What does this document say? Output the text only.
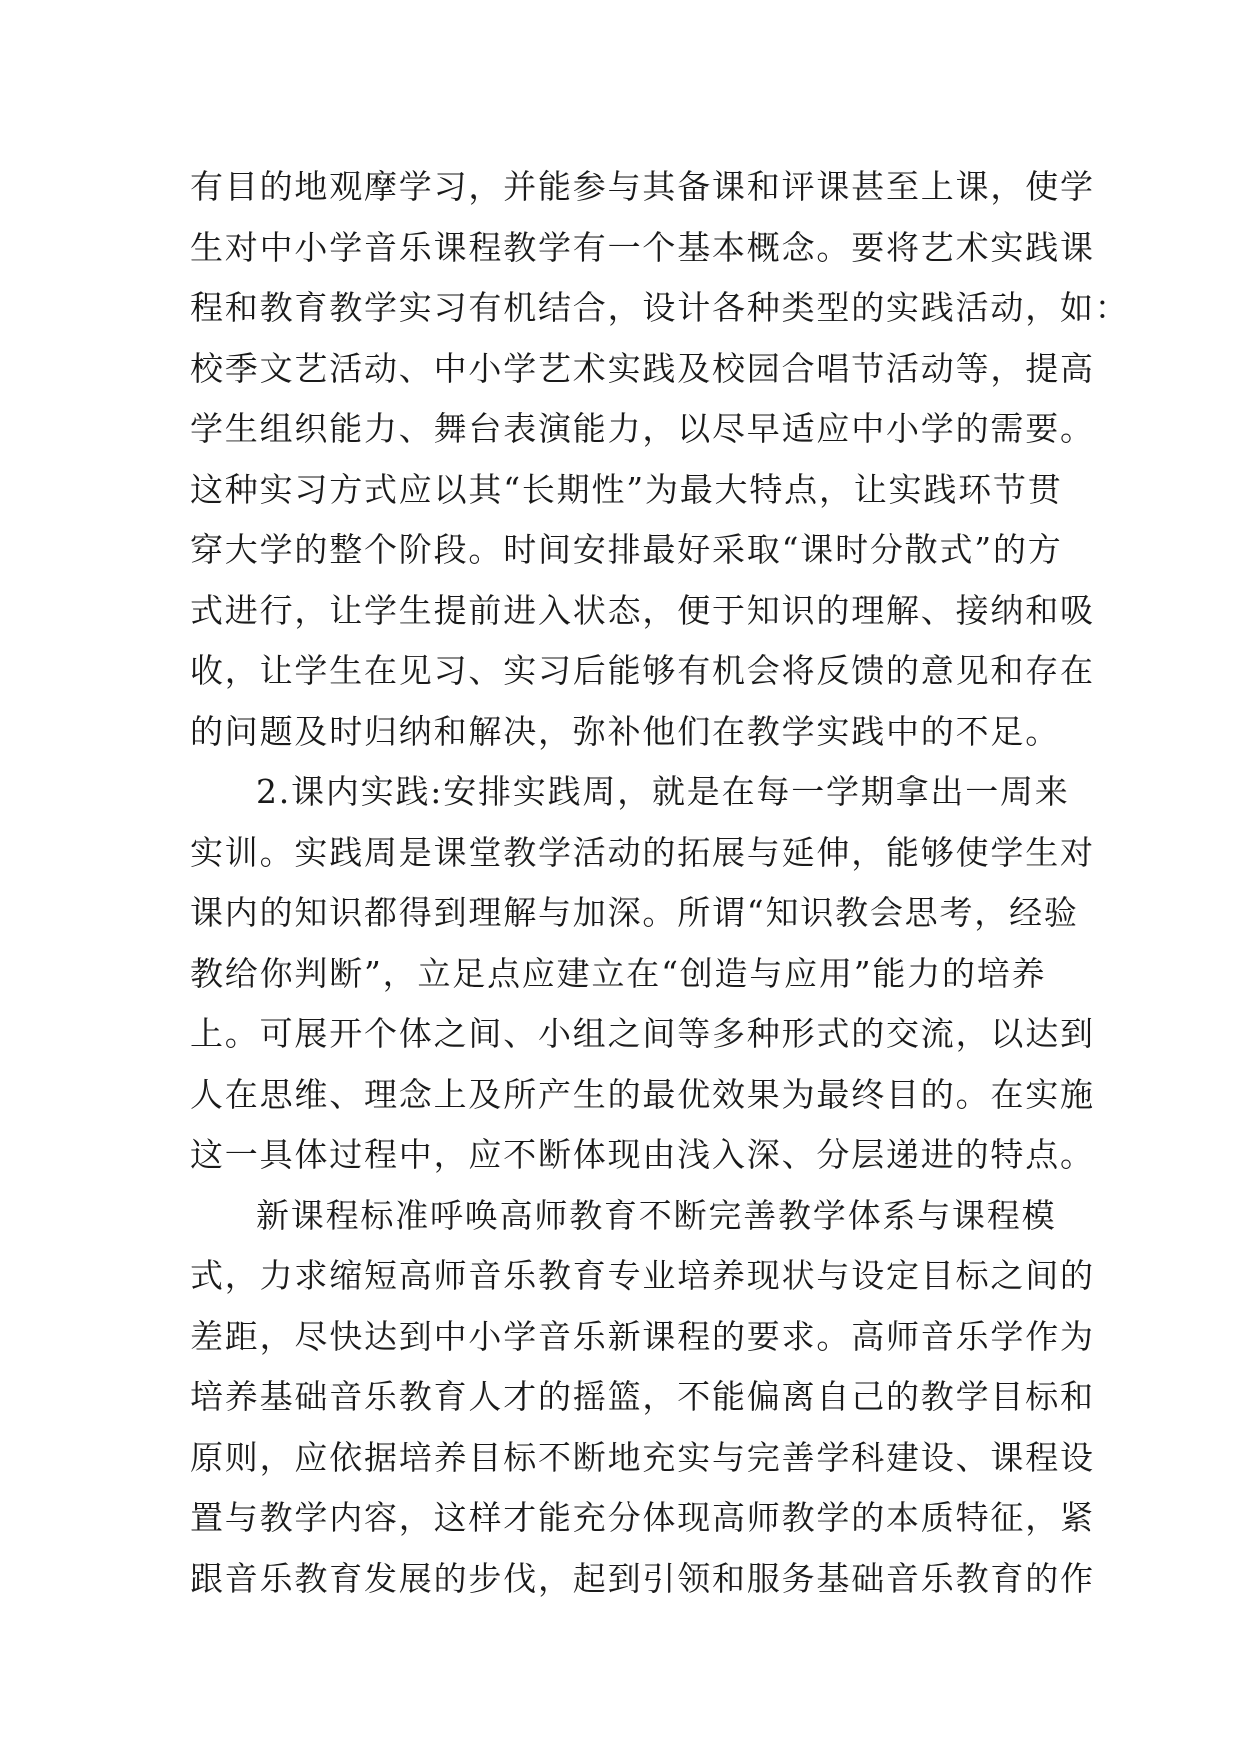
有目的地观摩学习，并能参与其备课和评课甚至上课，使学
生对中小学音乐课程教学有一个基本概念。要将艺术实践课
程和教育教学实习有机结合，设计各种类型的实践活动，如：
校季文艺活动、中小学艺术实践及校园合唱节活动等，提高
学生组织能力、舞台表演能力，以尽早适应中小学的需要。
这种实习方式应以其“长期性”为最大特点，让实践环节贯
穿大学的整个阶段。时间安排最好采取“课时分散式”的方
式进行，让学生提前进入状态，便于知识的理解、接纳和吸
收，让学生在见习、实习后能够有机会将反馈的意见和存在
的问题及时归纳和解决，弥补他们在教学实践中的不足。
2.课内实践:安排实践周，就是在每一学期拿出一周来
实训。实践周是课堂教学活动的拓展与延伸，能够使学生对
课内的知识都得到理解与加深。所谓“知识教会思考，经验
教给你判断”，立足点应建立在“创造与应用”能力的培养
上。可展开个体之间、小组之间等多种形式的交流，以达到
人在思维、理念上及所产生的最优效果为最终目的。在实施
这一具体过程中，应不断体现由浅入深、分层递进的特点。
新课程标准呼唤高师教育不断完善教学体系与课程模
式，力求缩短高师音乐教育专业培养现状与设定目标之间的
差距，尽快达到中小学音乐新课程的要求。高师音乐学作为
培养基础音乐教育人才的摇篮，不能偏离自己的教学目标和
原则，应依据培养目标不断地充实与完善学科建设、课程设
置与教学内容，这样才能充分体现高师教学的本质特征，紧
跟音乐教育发展的步伐，起到引领和服务基础音乐教育的作
